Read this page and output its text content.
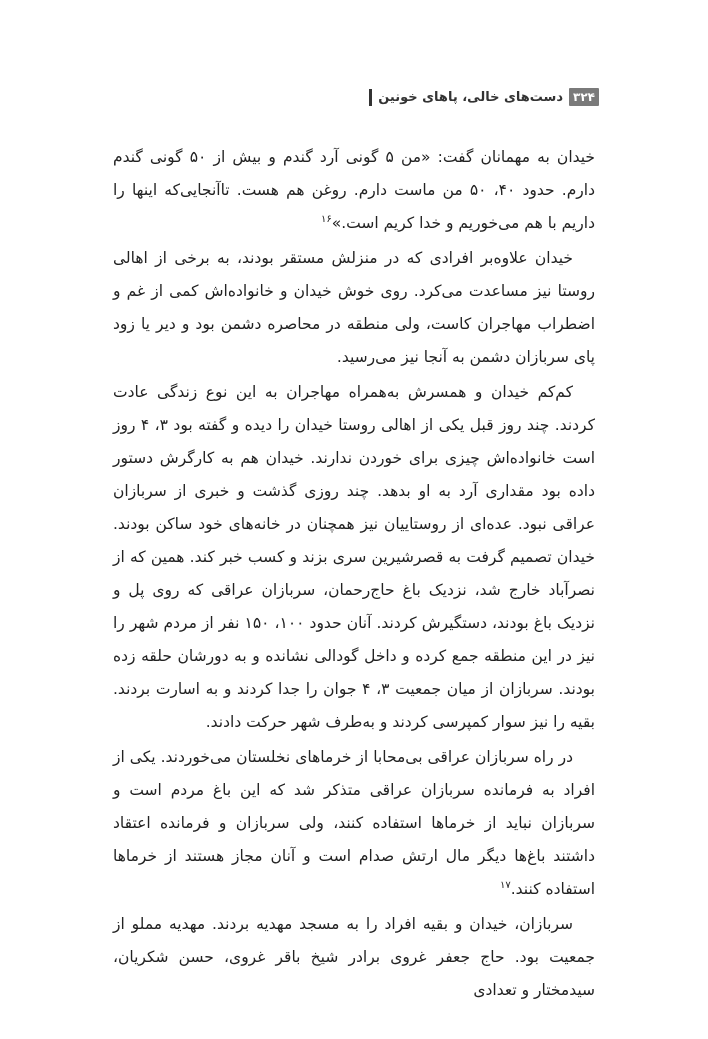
۳۲۴
دست‌های خالی، پاهای خونین

خیدان به مهمانان گفت: «من ۵ گونی آرد گندم و بیش از ۵۰ گونی گندم دارم. حدود ۴۰، ۵۰ من ماست دارم. روغن هم هست. تاآنجایی‌که اینها را داریم با هم می‌خوریم و خدا کریم است.»$^{۱۶}$

خیدان علاوه‌بر افرادی که در منزلش مستقر بودند، به برخی از اهالی روستا نیز مساعدت می‌کرد. روی خوش خیدان و خانواده‌اش کمی از غم و اضطراب مهاجران کاست، ولی منطقه در محاصره دشمن بود و دیر یا زود پای سربازان دشمن به آنجا نیز می‌رسید.

کم‌کم خیدان و همسرش به‌همراه مهاجران به این نوع زندگی عادت کردند. چند روز قبل یکی از اهالی روستا خیدان را دیده و گفته بود ۳، ۴ روز است خانواده‌اش چیزی برای خوردن ندارند. خیدان هم به کارگرش دستور داده بود مقداری آرد به او بدهد. چند روزی گذشت و خبری از سربازان عراقی نبود. عده‌ای از روستاییان نیز همچنان در خانه‌های خود ساکن بودند. خیدان تصمیم گرفت به قصرشیرین سری بزند و کسب خبر کند. همین که از نصرآباد خارج شد، نزدیک باغ حاج‌رحمان، سربازان عراقی که روی پل و نزدیک باغ بودند، دستگیرش کردند. آنان حدود ۱۰۰، ۱۵۰ نفر از مردم شهر را نیز در این منطقه جمع کرده و داخل گودالی نشانده و به دورشان حلقه زده بودند. سربازان از میان جمعیت ۳، ۴ جوان را جدا کردند و به اسارت بردند. بقیه را نیز سوار کمپرسی کردند و به‌طرف شهر حرکت دادند.

در راه سربازان عراقی بی‌محابا از خرماهای نخلستان می‌خوردند. یکی از افراد به فرمانده سربازان عراقی متذکر شد که این باغ مردم است و سربازان نباید از خرماها استفاده کنند، ولی سربازان و فرمانده اعتقاد داشتند باغ‌ها دیگر مال ارتش صدام است و آنان مجاز هستند از خرماها استفاده کنند.$^{۱۷}$

سربازان، خیدان و بقیه افراد را به مسجد مهدیه بردند. مهدیه مملو از جمعیت بود. حاج جعفر غروی برادر شیخ باقر غروی، حسن شکریان، سیدمختار و تعدادی
